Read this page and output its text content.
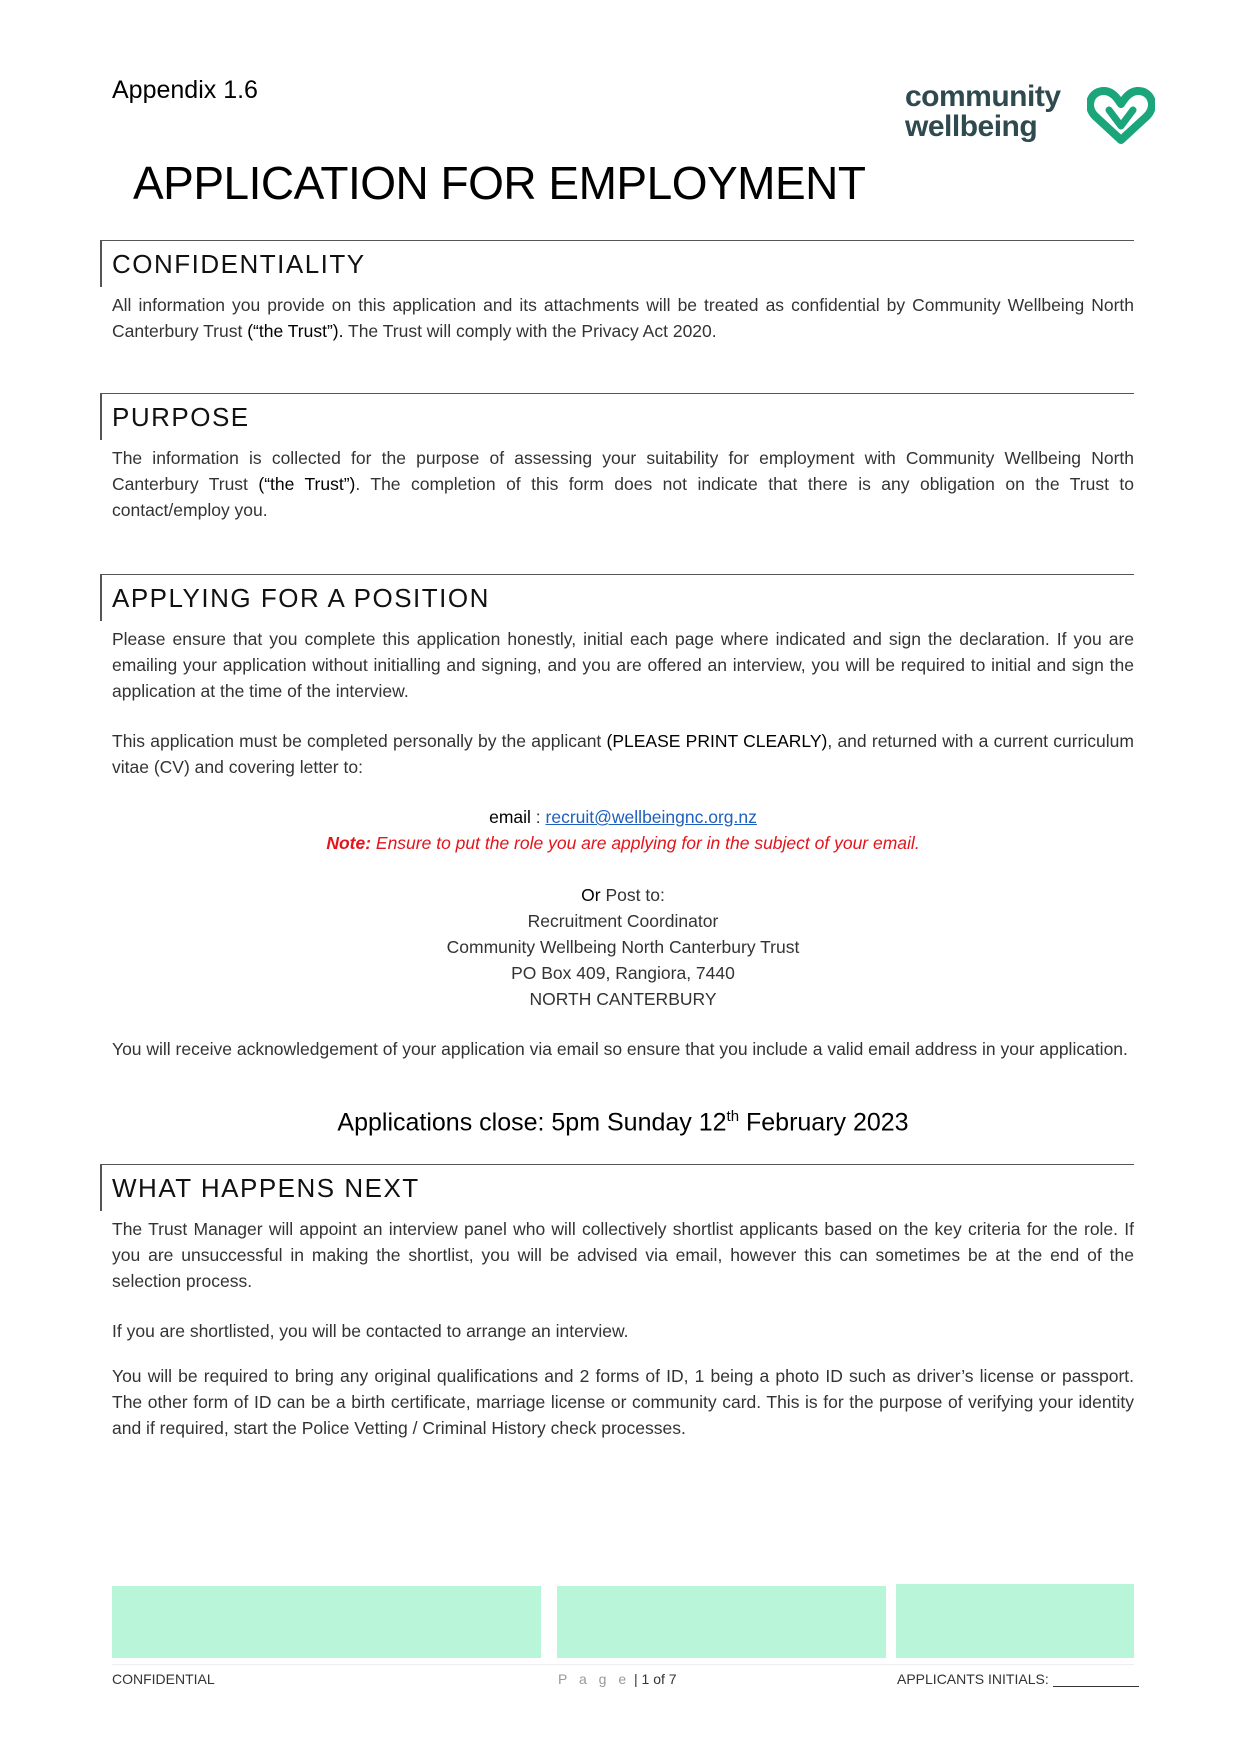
Appendix 1.6	community
wellbeing
APPLICATION FOR EMPLOYMENT
CONFIDENTIALITY
All information you provide on this application and its attachments will be treated as confidential by Community Wellbeing North Canterbury Trust (“the Trust”). The Trust will comply with the Privacy Act 2020.
PURPOSE
The information is collected for the purpose of assessing your suitability for employment with Community Wellbeing North Canterbury Trust (“the Trust”). The completion of this form does not indicate that there is any obligation on the Trust to contact/employ you.
APPLYING FOR A POSITION
Please ensure that you complete this application honestly, initial each page where indicated and sign the declaration. If you are emailing your application without initialling and signing, and you are offered an interview, you will be required to initial and sign the application at the time of the interview.
This application must be completed personally by the applicant (PLEASE PRINT CLEARLY), and returned with a current curriculum vitae (CV) and covering letter to:
email : recruit@wellbeingnc.org.nz
Note: Ensure to put the role you are applying for in the subject of your email.
Or Post to:
Recruitment Coordinator
Community Wellbeing North Canterbury Trust
PO Box 409, Rangiora, 7440
NORTH CANTERBURY
You will receive acknowledgement of your application via email so ensure that you include a valid email address in your application.
Applications close: 5pm Sunday 12th February 2023
WHAT HAPPENS NEXT
The Trust Manager will appoint an interview panel who will collectively shortlist applicants based on the key criteria for the role. If you are unsuccessful in making the shortlist, you will be advised via email, however this can sometimes be at the end of the selection process.
If you are shortlisted, you will be contacted to arrange an interview.
You will be required to bring any original qualifications and 2 forms of ID, 1 being a photo ID such as driver’s license or passport. The other form of ID can be a birth certificate, marriage license or community card. This is for the purpose of verifying your identity and if required, start the Police Vetting / Criminal History check processes.
CONFIDENTIAL	P a g e | 1 of 7	APPLICANTS INITIALS:
